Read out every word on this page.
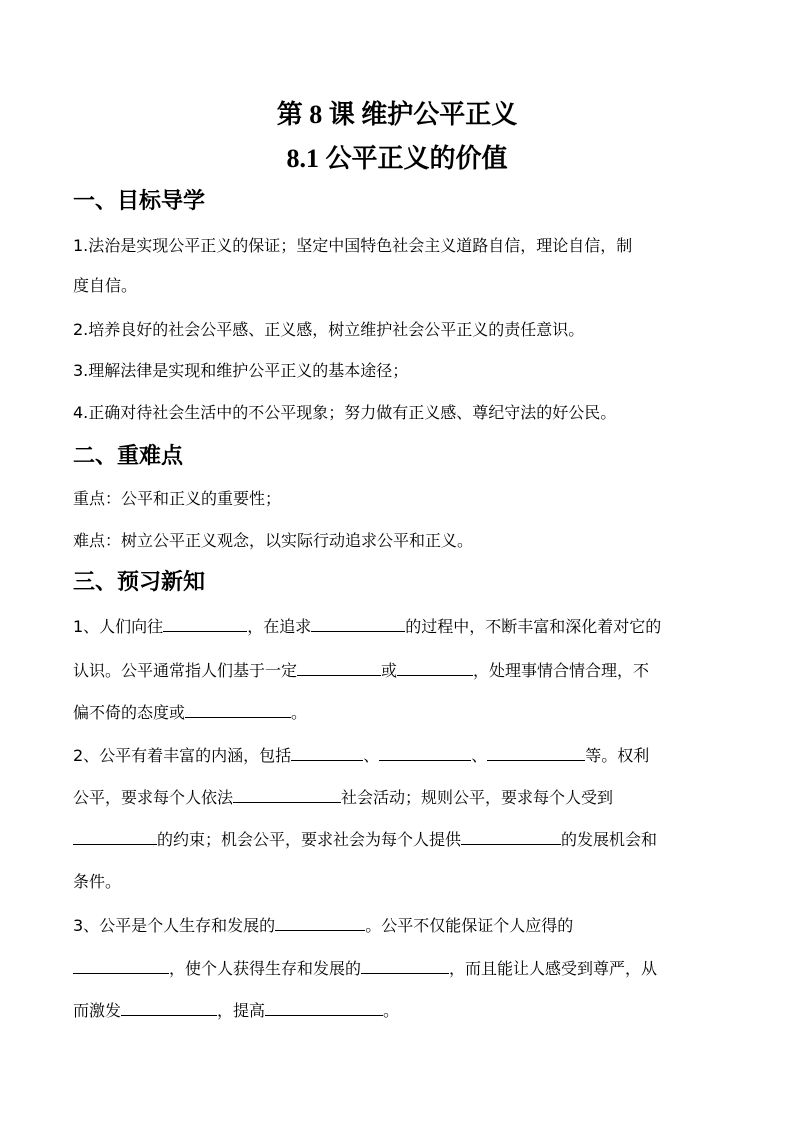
第 8 课 维护公平正义
8.1 公平正义的价值
一、目标导学
1.法治是实现公平正义的保证；坚定中国特色社会主义道路自信，理论自信，制
度自信。
2.培养良好的社会公平感、正义感，树立维护社会公平正义的责任意识。
3.理解法律是实现和维护公平正义的基本途径；
4.正确对待社会生活中的不公平现象；努力做有正义感、尊纪守法的好公民。
二、重难点
重点：公平和正义的重要性；
难点：树立公平正义观念，以实际行动追求公平和正义。
三、预习新知
1、人们向往	，在追求	的过程中，不断丰富和深化着对它的
认识。公平通常指人们基于一定	或	，处理事情合情合理，不
偏不倚的态度或	。
2、公平有着丰富的内涵，包括	、	、	等。权利
公平，要求每个人依法	社会活动；规则公平，要求每个人受到
的约束；机会公平，要求社会为每个人提供	的发展机会和
条件。
3、公平是个人生存和发展的	。公平不仅能保证个人应得的
，使个人获得生存和发展的	，而且能让人感受到尊严，从
而激发	，提高	。
